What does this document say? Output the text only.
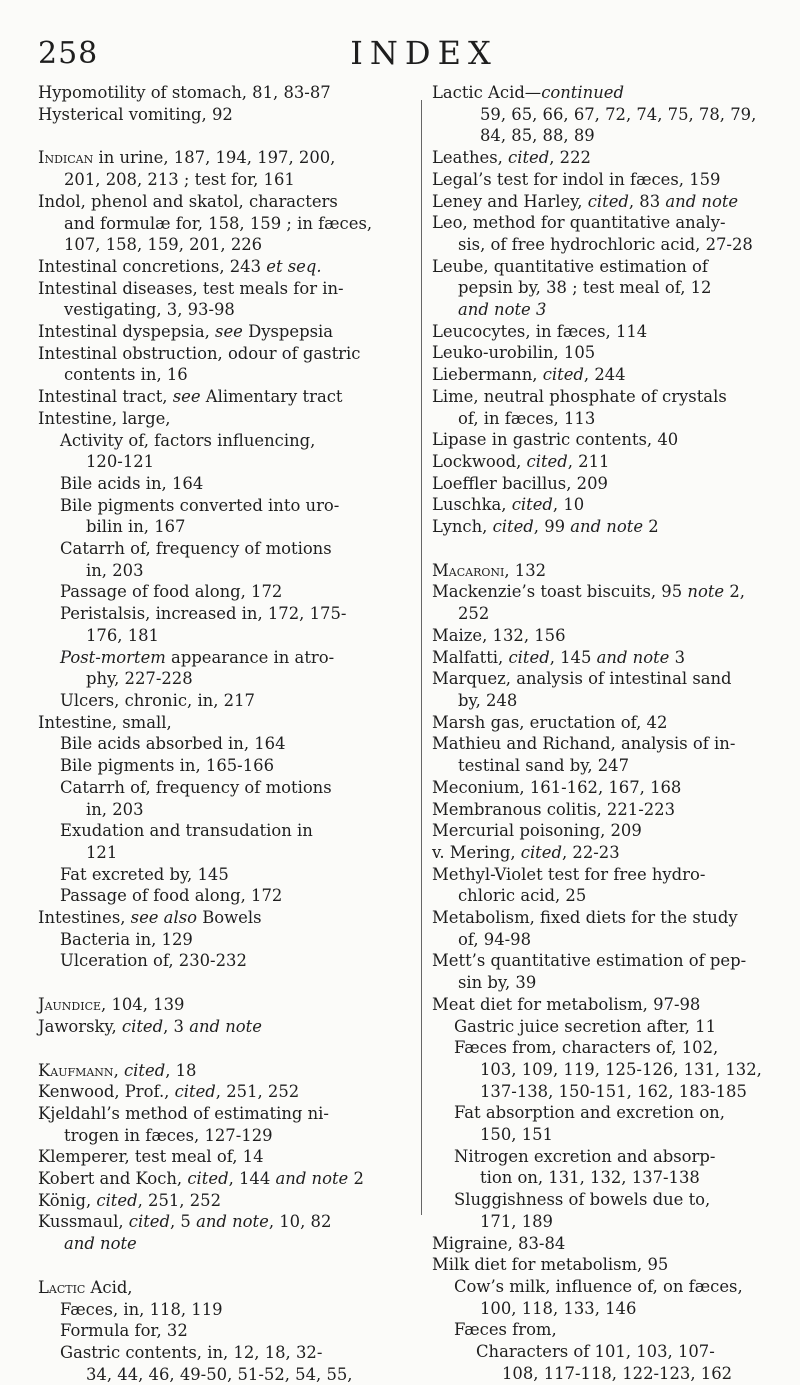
258	INDEX
Hypomotility of stomach, 81, 83-87
Hysterical vomiting, 92
Indican in urine, 187, 194, 197, 200,
201, 208, 213 ; test for, 161
Indol, phenol and skatol, characters
and formulæ for, 158, 159 ; in fæces,
107, 158, 159, 201, 226
Intestinal concretions, 243 et seq.
Intestinal diseases, test meals for in-
vestigating, 3, 93-98
Intestinal dyspepsia, see Dyspepsia
Intestinal obstruction, odour of gastric
contents in, 16
Intestinal tract, see Alimentary tract
Intestine, large,
Activity of, factors influencing,
120-121
Bile acids in, 164
Bile pigments converted into uro-
bilin in, 167
Catarrh of, frequency of motions
in, 203
Passage of food along, 172
Peristalsis, increased in, 172, 175-
176, 181
Post-mortem appearance in atro-
phy, 227-228
Ulcers, chronic, in, 217
Intestine, small,
Bile acids absorbed in, 164
Bile pigments in, 165-166
Catarrh of, frequency of motions
in, 203
Exudation and transudation in
121
Fat excreted by, 145
Passage of food along, 172
Intestines, see also Bowels
Bacteria in, 129
Ulceration of, 230-232
Jaundice, 104, 139
Jaworsky, cited, 3 and note
Kaufmann, cited, 18
Kenwood, Prof., cited, 251, 252
Kjeldahl’s method of estimating ni-
trogen in fæces, 127-129
Klemperer, test meal of, 14
Kobert and Koch, cited, 144 and note 2
König, cited, 251, 252
Kussmaul, cited, 5 and note, 10, 82
and note
Lactic Acid,
Fæces, in, 118, 119
Formula for, 32
Gastric contents, in, 12, 18, 32-
34, 44, 46, 49-50, 51-52, 54, 55,
Lactic Acid—continued
59, 65, 66, 67, 72, 74, 75, 78, 79,
84, 85, 88, 89
Leathes, cited, 222
Legal’s test for indol in fæces, 159
Leney and Harley, cited, 83 and note
Leo, method for quantitative analy-
sis, of free hydrochloric acid, 27-28
Leube, quantitative estimation of
pepsin by, 38 ; test meal of, 12
and note 3
Leucocytes, in fæces, 114
Leuko-urobilin, 105
Liebermann, cited, 244
Lime, neutral phosphate of crystals
of, in fæces, 113
Lipase in gastric contents, 40
Lockwood, cited, 211
Loeffler bacillus, 209
Luschka, cited, 10
Lynch, cited, 99 and note 2
Macaroni, 132
Mackenzie’s toast biscuits, 95 note 2,
252
Maize, 132, 156
Malfatti, cited, 145 and note 3
Marquez, analysis of intestinal sand
by, 248
Marsh gas, eructation of, 42
Mathieu and Richand, analysis of in-
testinal sand by, 247
Meconium, 161-162, 167, 168
Membranous colitis, 221-223
Mercurial poisoning, 209
v. Mering, cited, 22-23
Methyl-Violet test for free hydro-
chloric acid, 25
Metabolism, fixed diets for the study
of, 94-98
Mett’s quantitative estimation of pep-
sin by, 39
Meat diet for metabolism, 97-98
Gastric juice secretion after, 11
Fæces from, characters of, 102,
103, 109, 119, 125-126, 131, 132,
137-138, 150-151, 162, 183-185
Fat absorption and excretion on,
150, 151
Nitrogen excretion and absorp-
tion on, 131, 132, 137-138
Sluggishness of bowels due to,
171, 189
Migraine, 83-84
Milk diet for metabolism, 95
Cow’s milk, influence of, on fæces,
100, 118, 133, 146
Fæces from,
Characters of 101, 103, 107-
108, 117-118, 122-123, 162
